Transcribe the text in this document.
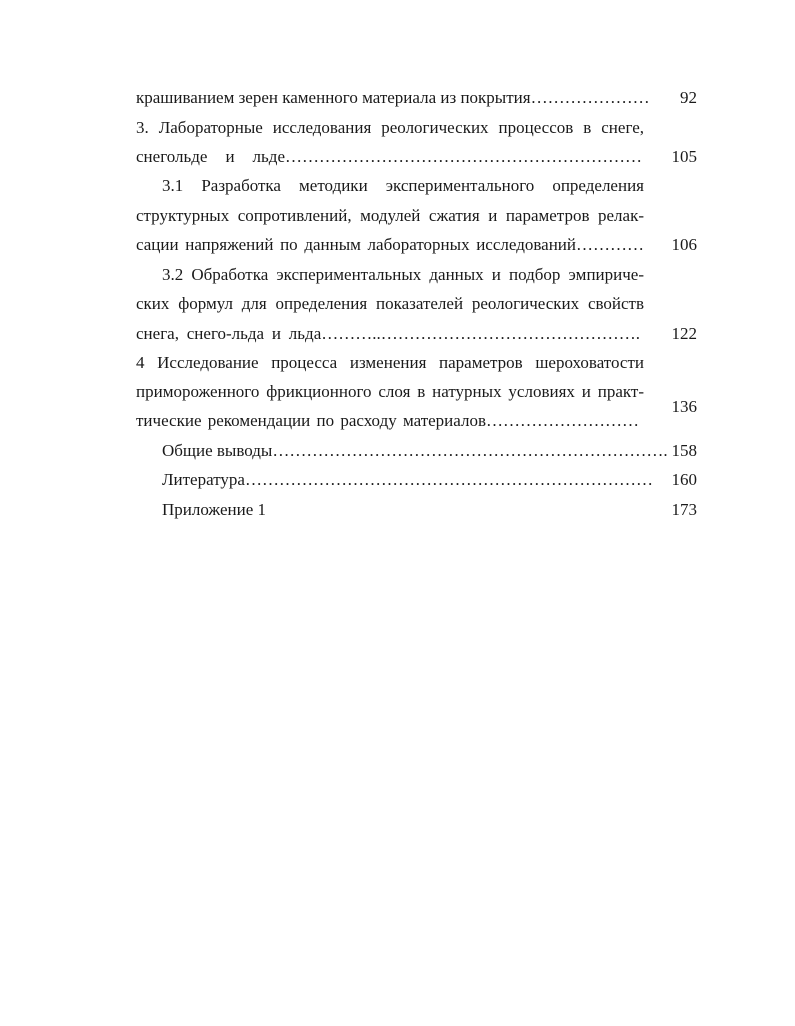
крашиванием зерен каменного материала из покрытия…………………	92
3. Лабораторные исследования реологических процессов в снеге,
снегольде и льде………………………………………………………	105
3.1 Разработка методики экспериментального определения
структурных сопротивлений, модулей сжатия и параметров релак-
сации напряжений по данным лабораторных исследований…………	106
3.2 Обработка экспериментальных данных и подбор эмпириче-
ских формул для определения показателей реологических свойств
снега, снего-льда и льда………..……………………………………….	122
4 Исследование процесса изменения параметров шероховатости
примороженного фрикционного слоя в натурных условиях и практ-
тические рекомендации по расходу материалов………………………
136
Общие выводы……………………………………………………………. 158
Литература………………………………………………………………	160
Приложение 1	173
